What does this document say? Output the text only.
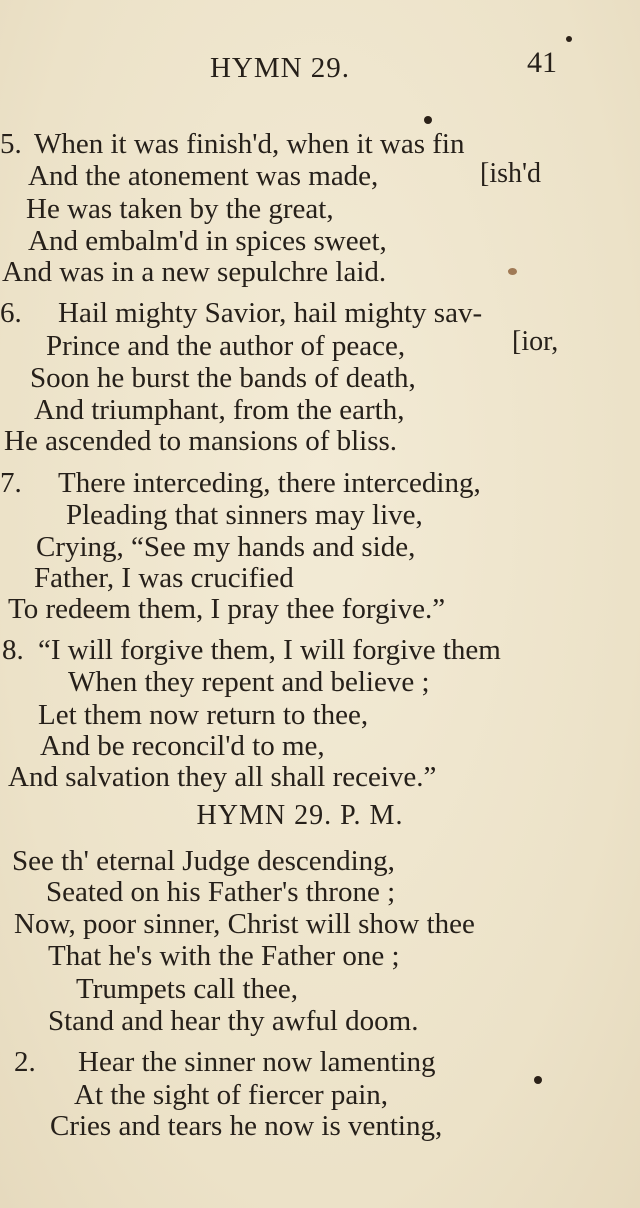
HYMN 29.	41
5. When it was finish'd, when it was fin
And the atonement was made,	[ish'd
He was taken by the great,
And embalm'd in spices sweet,
And was in a new sepulchre laid.
6. Hail mighty Savior, hail mighty sav-
Prince and the author of peace,	[ior,
Soon he burst the bands of death,
And triumphant, from the earth,
He ascended to mansions of bliss.
7. There interceding, there interceding,
Pleading that sinners may live,
Crying, “See my hands and side,
Father, I was crucified
To redeem them, I pray thee forgive.”
8. “I will forgive them, I will forgive them
When they repent and believe ;
Let them now return to thee,
And be reconcil'd to me,
And salvation they all shall receive.”
HYMN 29. P. M.
See th' eternal Judge descending,
Seated on his Father's throne ;
Now, poor sinner, Christ will show thee
That he's with the Father one ;
Trumpets call thee,
Stand and hear thy awful doom.
2. Hear the sinner now lamenting
At the sight of fiercer pain,
Cries and tears he now is venting,
